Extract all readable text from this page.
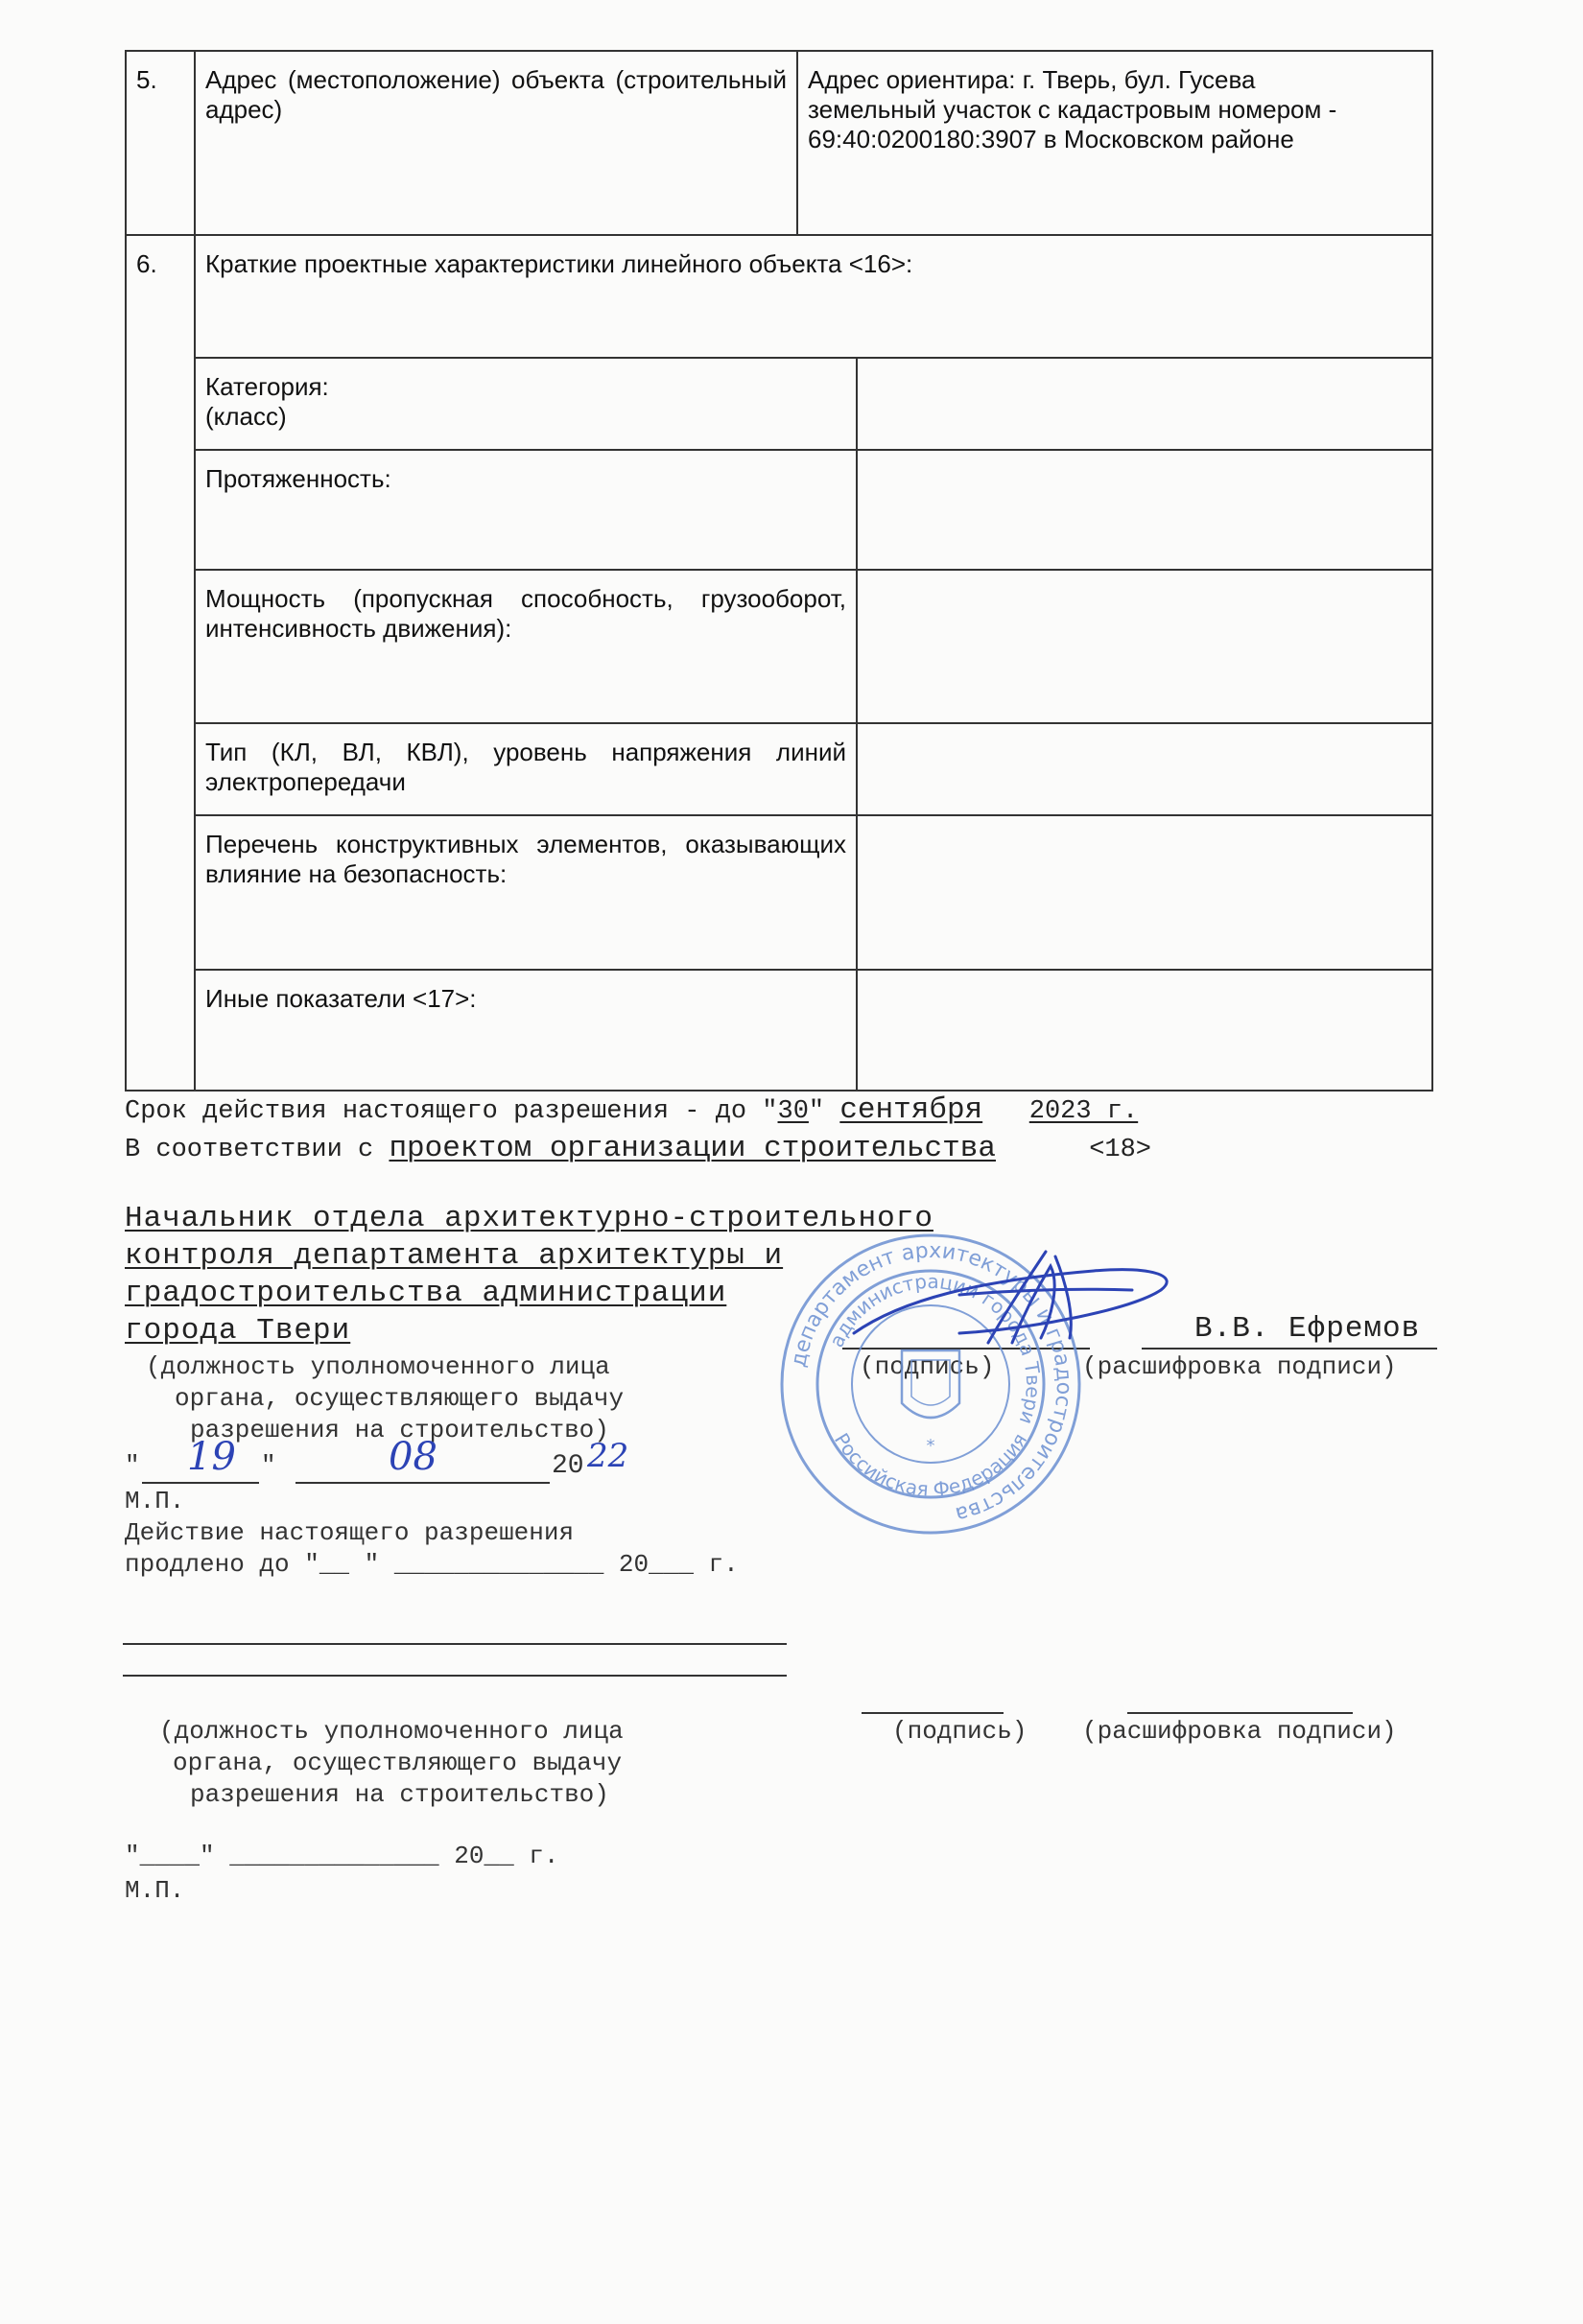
5.	Адрес (местоположение) объекта (строительный адрес)	Адрес ориентира: г. Тверь, бул. Гусева
земельный участок с кадастровым номером -
69:40:0200180:3907 в Московском районе	

6.	Краткие проектные характеристики линейного объекта <16>:		
	Категория:
(класс)		
	Протяженность:		
	Мощность (пропускная способность, грузооборот, интенсивность движения):		
	Тип (КЛ, ВЛ, КВЛ), уровень напряжения линий электропередачи		
	Перечень конструктивных элементов, оказывающих влияние на безопасность:		
	Иные показатели <17>:		
Срок действия настоящего разрешения - до "30" сентября 2023 г.
В соответствии с проектом организации строительства	<18>
Начальник отдела архитектурно-строительного
контроля департамента архитектуры и
градостроительства администрации
города Твери	В.В. Ефремов
(должность уполномоченного лица
органа, осуществляющего выдачу
разрешения на строительство)
(подпись)	(расшифровка подписи)
" 19 "	08	20 22
М.П.
Действие настоящего разрешения
продлено до "__ " ______________ 20___ г.
(должность уполномоченного лица
органа, осуществляющего выдачу
разрешения на строительство)
(подпись) (расшифровка подписи)
"____" ______________ 20__ г.
М.П.
департамент архитектуры и градостроительства
администрации города Твери
Российская Федерация
*
